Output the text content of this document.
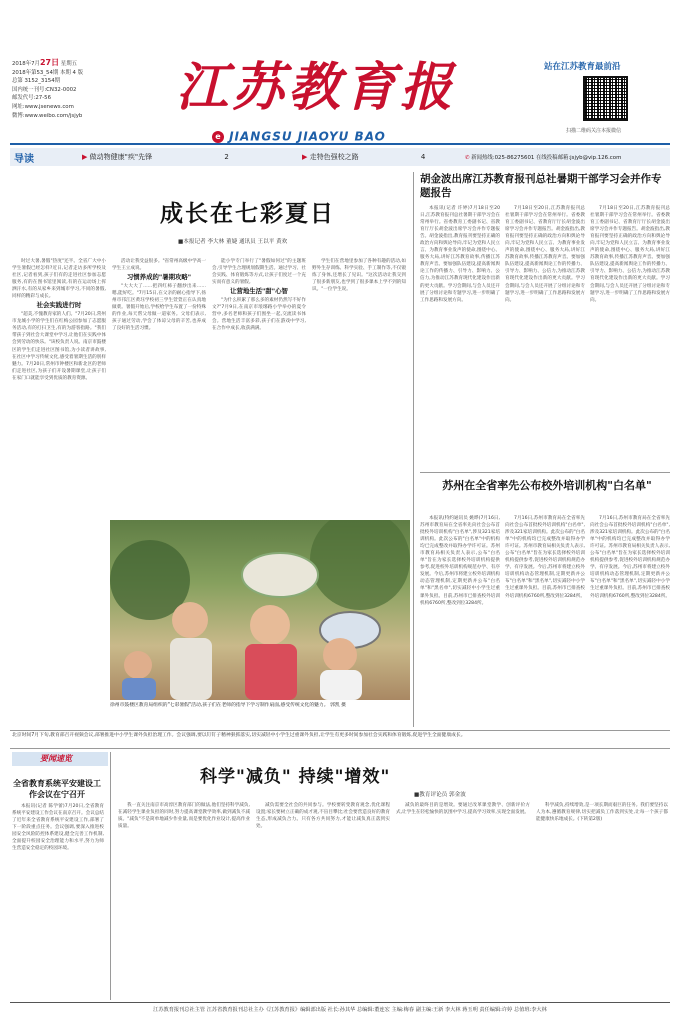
2018年7月27日 星期五
2018年第53_54期 本期 4 版
总第 3152_3154期
国内统一刊号:CN32-0002
邮发代号:27-56
网址:www.jsenews.com
微博:www.weibo.com/jsjyb	江苏教育报
e JIANGSU JIAOYU BAO
站在江苏教育最前沿
扫描二维码关注本报微信
导读	▶ 做动物健康"疾"先锋	2	▶ 走特色强校之路	4	✆ 新闻热线:025-86275601 在线投稿邮箱:jsjyb@vip.126.com
成长在七彩夏日
■本报记者 李大林 董婕 通讯员 王以平 黄欢

时过大暑,暑假"热度"还半。全省广大中小学生暑假已经怎样?近日,记者走访多所学校及社区,记者看到,孩子们有的走进社区参加志愿服务,有的在图书馆里阅读,有的在运动场上挥洒汗水,有的从家乡来到城市学习,不同的暑假,同样的精彩与成长。

社会实践进行时

"超美,不愧教育家的人们。"7月20日,常州市龙城小学的学生们在红梅公园参加了志愿服务活动,有的打扫卫生,有的为游客指路。"我们带孩子到社会大课堂中学习,让他们在实践中体会到劳动的快乐。"该校负责人说。南京市鼓楼区的学生们走进社区图书馆,为小读者讲故事,在社区中学习传统文化,感受着暑期生活的别样魅力。7月20日,常州市钟楼区和新北区的老师们走进社区,为孩子们开设暑期课堂,让孩子们在家门口就能享受到优质的教育资源。

活动让我受益很多。"省常州高级中学高一学生王立成说。

习惯养成的"暑期攻略"

"大大大了……把四红柿子翻炒出来……嗯,能好吃。"7月15日,在父亲的耐心指导下,扬州市邗江区黄珏学校初三学生萱萱正在认真地做菜。暑假开始后,学校给学生布置了一份特殊的作业,每天帮父母做一道家务。父母们表示,孩子通过劳动,学会了体谅父母的辛苦,也养成了良好的生活习惯。

能小学专门举行了"暑假如何过"的主题班会,引导学生合理规划假期生活。通过学习、社会实践、体育锻炼等方式,让孩子们度过一个充实而有意义的暑假。

让营地生活"甜"心智

"为什么积累了那么多的素材仍然写不好作文?"7月9日,在南京市琅琊路小学举办的夏令营中,多名老师和孩子们围坐一起,交流读书体会。营地生活丰富多彩,孩子们在游戏中学习,在合作中成长,收获满满。

学生们在营地里参加了各种有趣的活动,如野外生存训练、科学实验、手工制作等,不仅锻炼了身体,还增长了见识。"这次活动让我交到了很多新朋友,也学到了很多课本上学不到的知识。"一位学生说。

徐州市鼓楼区教育局组织的"七彩暑假"活动,孩子们在老师的指导下学习制作扇面,感受传统文化的魅力。 郭凯 摄
胡金波出席江苏教育报刊总社暑期干部学习会并作专题报告

本报讯(记者 许婷)7月18日至20日,江苏教育报刊总社暑期干部学习会在常州举行。省委教育工委副书记、省教育厅厅长胡金波出席学习会并作专题报告。胡金波指出,教育报刊要坚持正确的政治方向和舆论导向,牢记为党和人民立言、为教育事业发声的使命,围绕中心、服务大局,讲好江苏教育故事,传播江苏教育声音。要加强队伍建设,提高新闻舆论工作的传播力、引导力、影响力、公信力,为推动江苏教育现代化建设作出新的更大贡献。学习会期间,与会人员还开展了分组讨论和专题学习,进一步明确了工作思路和发展方向。

7月18日至20日,江苏教育报刊总社暑期干部学习会在常州举行。省委教育工委副书记、省教育厅厅长胡金波出席学习会并作专题报告。胡金波指出,教育报刊要坚持正确的政治方向和舆论导向,牢记为党和人民立言、为教育事业发声的使命,围绕中心、服务大局,讲好江苏教育故事,传播江苏教育声音。要加强队伍建设,提高新闻舆论工作的传播力、引导力、影响力、公信力,为推动江苏教育现代化建设作出新的更大贡献。学习会期间,与会人员还开展了分组讨论和专题学习,进一步明确了工作思路和发展方向。

7月18日至20日,江苏教育报刊总社暑期干部学习会在常州举行。省委教育工委副书记、省教育厅厅长胡金波出席学习会并作专题报告。胡金波指出,教育报刊要坚持正确的政治方向和舆论导向,牢记为党和人民立言、为教育事业发声的使命,围绕中心、服务大局,讲好江苏教育故事,传播江苏教育声音。要加强队伍建设,提高新闻舆论工作的传播力、引导力、影响力、公信力,为推动江苏教育现代化建设作出新的更大贡献。学习会期间,与会人员还开展了分组讨论和专题学习,进一步明确了工作思路和发展方向。

苏州在全省率先公布校外培训机构"白名单"

本报讯(特约通讯员 姚晔)7月16日,苏州市教育局在全省率先向社会公布首批校外培训机构"白名单",涉及321家培训机构。此次公布的"白名单"中的机构均已完成整改并取得办学许可证。苏州市教育局相关负责人表示,公布"白名单"旨在为家长选择校外培训机构提供参考,促进校外培训机构规范办学、有序发展。今后,苏州市将建立校外培训机构动态管理机制,定期更新并公布"白名单"和"黑名单",切实减轻中小学生过重课外负担。目前,苏州市已排查校外培训机构6760所,整改到位3284所。

7月16日,苏州市教育局在全省率先向社会公布首批校外培训机构"白名单",涉及321家培训机构。此次公布的"白名单"中的机构均已完成整改并取得办学许可证。苏州市教育局相关负责人表示,公布"白名单"旨在为家长选择校外培训机构提供参考,促进校外培训机构规范办学、有序发展。今后,苏州市将建立校外培训机构动态管理机制,定期更新并公布"白名单"和"黑名单",切实减轻中小学生过重课外负担。目前,苏州市已排查校外培训机构6760所,整改到位3284所。

7月16日,苏州市教育局在全省率先向社会公布首批校外培训机构"白名单",涉及321家培训机构。此次公布的"白名单"中的机构均已完成整改并取得办学许可证。苏州市教育局相关负责人表示,公布"白名单"旨在为家长选择校外培训机构提供参考,促进校外培训机构规范办学、有序发展。今后,苏州市将建立校外培训机构动态管理机制,定期更新并公布"白名单"和"黑名单",切实减轻中小学生过重课外负担。目前,苏州市已排查校外培训机构6760所,整改到位3284所。

北京时间7月下旬,教育部召开视频会议,部署推进中小学生课外负担治理工作。会议强调,要以钉钉子精神狠抓落实,切实减轻中小学生过重课外负担,让学生有更多时间参加社会实践和体育锻炼,促进学生全面健康成长。
要闻速览
科学"减负" 持续"增效"
■教育评论员 郭金波
全省教育系统平安建设工作会议在宁召开

本报讯(记者 陈学蕾)7月20日,全省教育系统平安建设工作会议在南京召开。会议总结了近年来全省教育系统平安建设工作,部署了下一阶段重点任务。会议强调,要深入推进校园安全风险防控体系建设,健全完善工作机制,全面提升校园安全治理能力和水平,努力为师生营造安全稳定的校园环境。

我一直关注南京市高淳区教育部门的做法,他们坚持科学减负,在减轻学生课业负担的同时,努力提高课堂教学效率,做到减负不减质。"减负"不是简单地减少作业量,而是要优化作业设计,提高作业质量。

减负需要全社会的共同参与。学校要转变教育观念,优化课程设置;家长要树立正确的成才观,不盲目攀比;社会要营造良好的教育生态,形成减负合力。只有各方共同努力,才能让减负真正落到实处。

减负的最终目的是增效。要通过改革课堂教学、创新评价方式,让学生在轻松愉快的氛围中学习,提高学习效率,实现全面发展。

科学减负,持续增效,是一项长期而艰巨的任务。我们要坚持以人为本,遵循教育规律,切实把减负工作落到实处,让每一个孩子都能健康快乐地成长。(下转第2版)

江苏教育报刊总社主管 江苏省教育报刊总社主办《江苏教育报》编辑部出版 社长:孙其华 总编辑:董连宏 主编:梅春 副主编:王新 李大林 蒋玉明 责任编辑:许婷 总值班:李大林
